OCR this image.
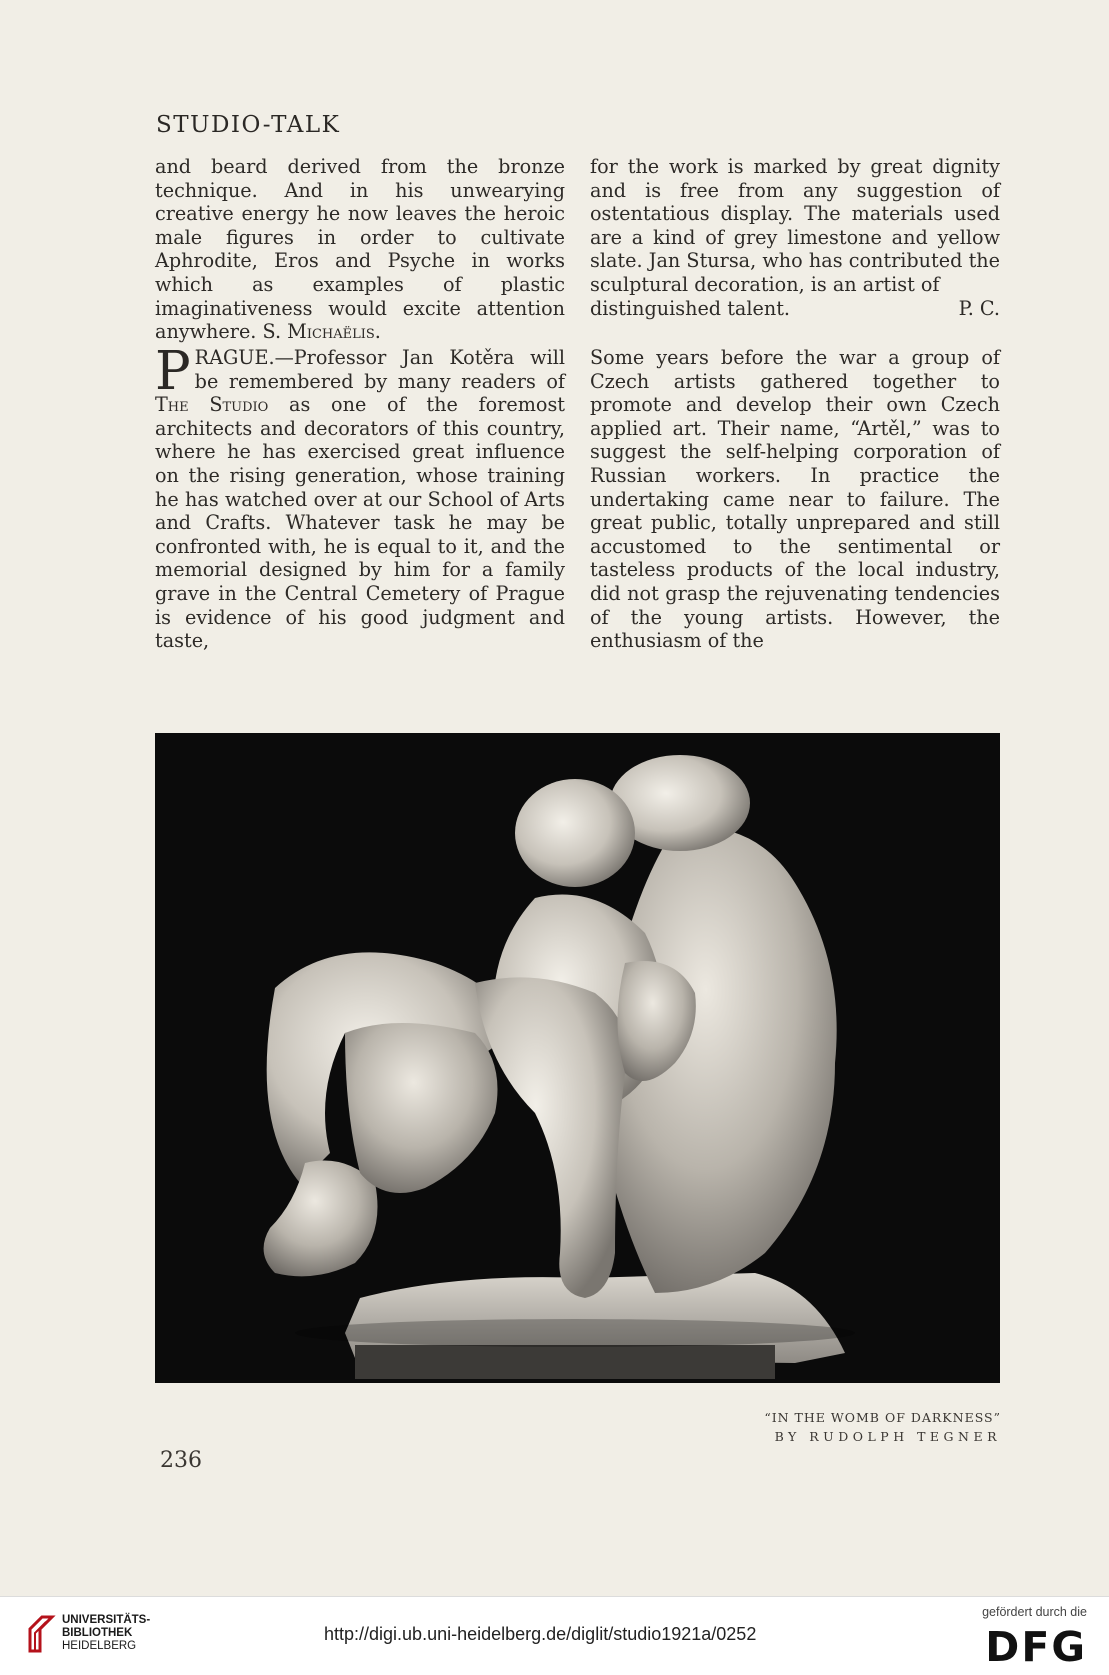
STUDIO-TALK

and beard derived from the bronze technique. And in his unwearying creative energy he now leaves the heroic male figures in order to cultivate Aphrodite, Eros and Psyche in works which as examples of plastic imaginativeness would excite attention anywhere. S. Michaëlis.

for the work is marked by great dignity and is free from any suggestion of ostentatious display. The materials used are a kind of grey limestone and yellow slate. Jan Stursa, who has contributed the sculptural decoration, is an artist of

distinguished talent.	P. C.

PRAGUE.—Professor Jan Kotěra will be remembered by many readers of The Studio as one of the foremost architects and decorators of this country, where he has exercised great influence on the rising generation, whose training he has watched over at our School of Arts and Crafts. Whatever task he may be confronted with, he is equal to it, and the memorial designed by him for a family grave in the Central Cemetery of Prague is evidence of his good judgment and taste,

Some years before the war a group of Czech artists gathered together to promote and develop their own Czech applied art. Their name, “Artěl,” was to suggest the self-helping corporation of Russian workers. In practice the undertaking came near to failure. The great public, totally unprepared and still accustomed to the sentimental or tasteless products of the local industry, did not grasp the rejuvenating tendencies of the young artists. However, the enthusiasm of the

“IN THE WOMB OF DARKNESS”
BY RUDOLPH TEGNER
236
UNIVERSITÄTS-
BIBLIOTHEK
HEIDELBERG
http://digi.ub.uni-heidelberg.de/diglit/studio1921a/0252
gefördert durch die
DFG
